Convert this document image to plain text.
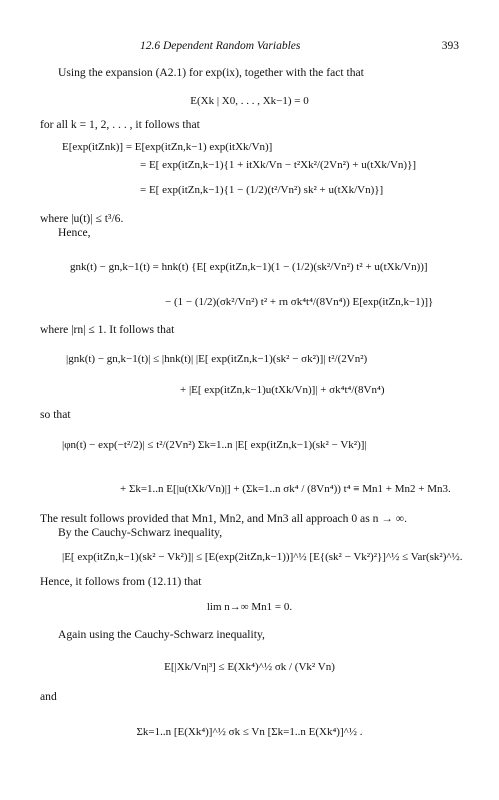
12.6 Dependent Random Variables	393
Using the expansion (A2.1) for exp(ix), together with the fact that
E(Xk | X0, . . . , Xk−1) = 0
for all k = 1, 2, . . . , it follows that
E[exp(itZnk)] = E[exp(itZn,k−1) exp(itXk/Vn)]
= E[ exp(itZn,k−1){1 + itXk/Vn − t²Xk²/(2Vn²) + u(tXk/Vn)}]
= E[ exp(itZn,k−1){1 − (1/2)(t²/Vn²) sk² + u(tXk/Vn)}]
where |u(t)| ≤ t³/6.
Hence,
gnk(t) − gn,k−1(t) = hnk(t) {E[ exp(itZn,k−1)(1 − (1/2)(sk²/Vn²) t² + u(tXk/Vn))]
− (1 − (1/2)(σk²/Vn²) t² + rn σk⁴t⁴/(8Vn⁴)) E[exp(itZn,k−1)]}
where |rn| ≤ 1. It follows that
|gnk(t) − gn,k−1(t)| ≤ |hnk(t)| |E[ exp(itZn,k−1)(sk² − σk²)]| t²/(2Vn²)
+ |E[ exp(itZn,k−1)u(tXk/Vn)]| + σk⁴t⁴/(8Vn⁴)
so that
|φn(t) − exp(−t²/2)| ≤ t²/(2Vn²) Σk=1..n |E[ exp(itZn,k−1)(sk² − Vk²)]|
+ Σk=1..n E[|u(tXk/Vn)|] + (Σk=1..n σk⁴ / (8Vn⁴)) t⁴ ≡ Mn1 + Mn2 + Mn3.
The result follows provided that Mn1, Mn2, and Mn3 all approach 0 as n → ∞.
By the Cauchy-Schwarz inequality,
|E[ exp(itZn,k−1)(sk² − Vk²)]| ≤ [E(exp(2itZn,k−1))]^½ [E{(sk² − Vk²)²}]^½ ≤ Var(sk²)^½.
Hence, it follows from (12.11) that
lim n→∞ Mn1 = 0.
Again using the Cauchy-Schwarz inequality,
E[|Xk/Vn|³] ≤ E(Xk⁴)^½ σk / (Vk² Vn)
and
Σk=1..n [E(Xk⁴)]^½ σk ≤ Vn [Σk=1..n E(Xk⁴)]^½ .
